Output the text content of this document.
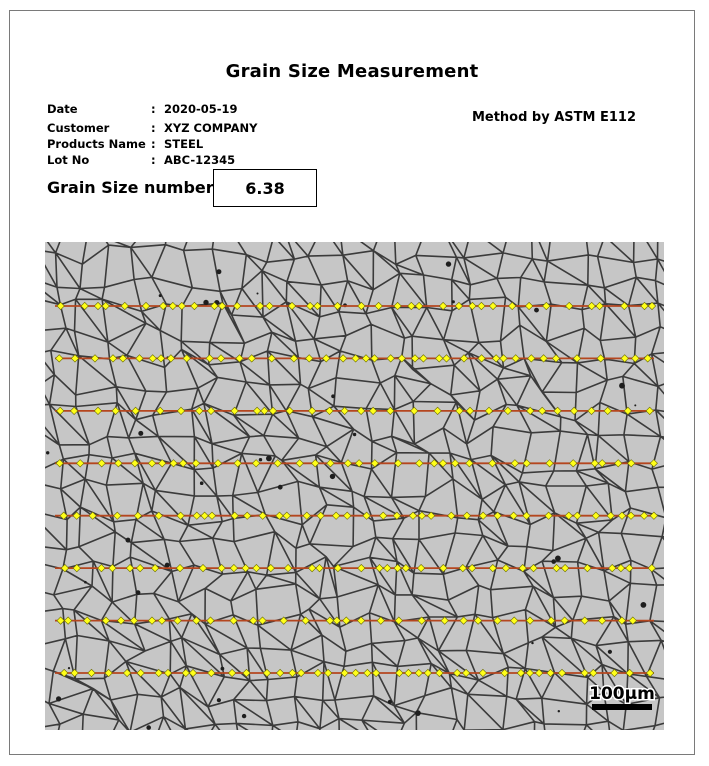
Grain Size Measurement
Date	: 2020-05-19
Customer	: XYZ COMPANY
Products Name : STEEL
Lot No	: ABC-12345
Method by ASTM E112
Grain Size number	6.38
100µm
